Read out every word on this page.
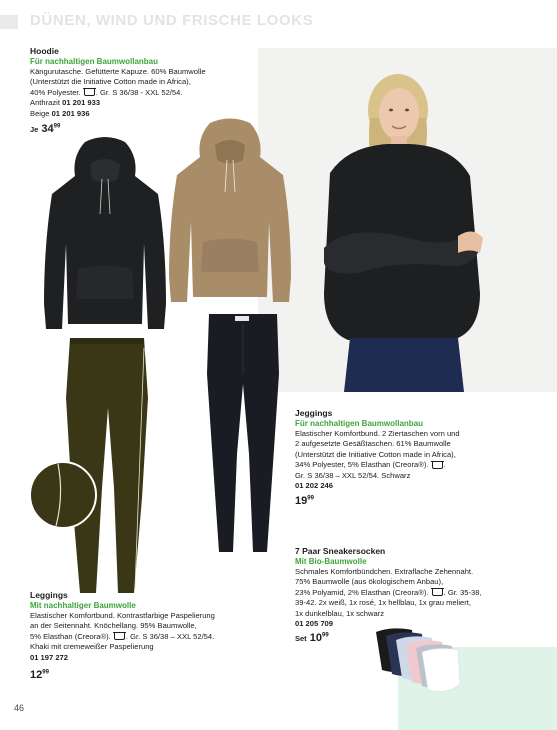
DÜNEN, WIND UND FRISCHE LOOKS
Hoodie
Für nachhaltigen Baumwollanbau
Kängurutasche. Gefütterte Kapuze. 60% Baumwolle
(Unterstützt die Initiative Cotton made in Africa),
40% Polyester. . Gr. S 36/38 - XXL 52/54.
Anthrazit 01 201 933
Beige 01 201 936
Je $34^{99}$
Jeggings
Für nachhaltigen Baumwollanbau
Elastischer Komfortbund. 2 Ziertaschen vorn und
2 aufgesetzte Gesäßtaschen. 61% Baumwolle
(Unterstützt die Initiative Cotton made in Africa),
34% Polyester, 5% Elasthan (Creora®). .
Gr. S 36/38 – XXL 52/54. Schwarz
01 202 246
$19^{99}$
7 Paar Sneakersocken
Mit Bio-Baumwolle
Schmales Komfortbündchen. Extraflache Zehennaht.
75% Baumwolle (aus ökologischem Anbau),
23% Polyamid, 2% Elasthan (Creora®). . Gr. 35-38,
39-42. 2x weiß, 1x rosé, 1x hellblau, 1x grau meliert,
1x dunkelblau, 1x schwarz
01 205 709
Set $10^{99}$
Leggings
Mit nachhaltiger Baumwolle
Elastischer Komfortbund. Kontrastfarbige Paspelierung
an der Seitennaht. Knöchellang. 95% Baumwolle,
5% Elasthan (Creora®). . Gr. S 36/38 – XXL 52/54.
Khaki mit cremeweißer Paspelierung
01 197 272
$12^{99}$
46
